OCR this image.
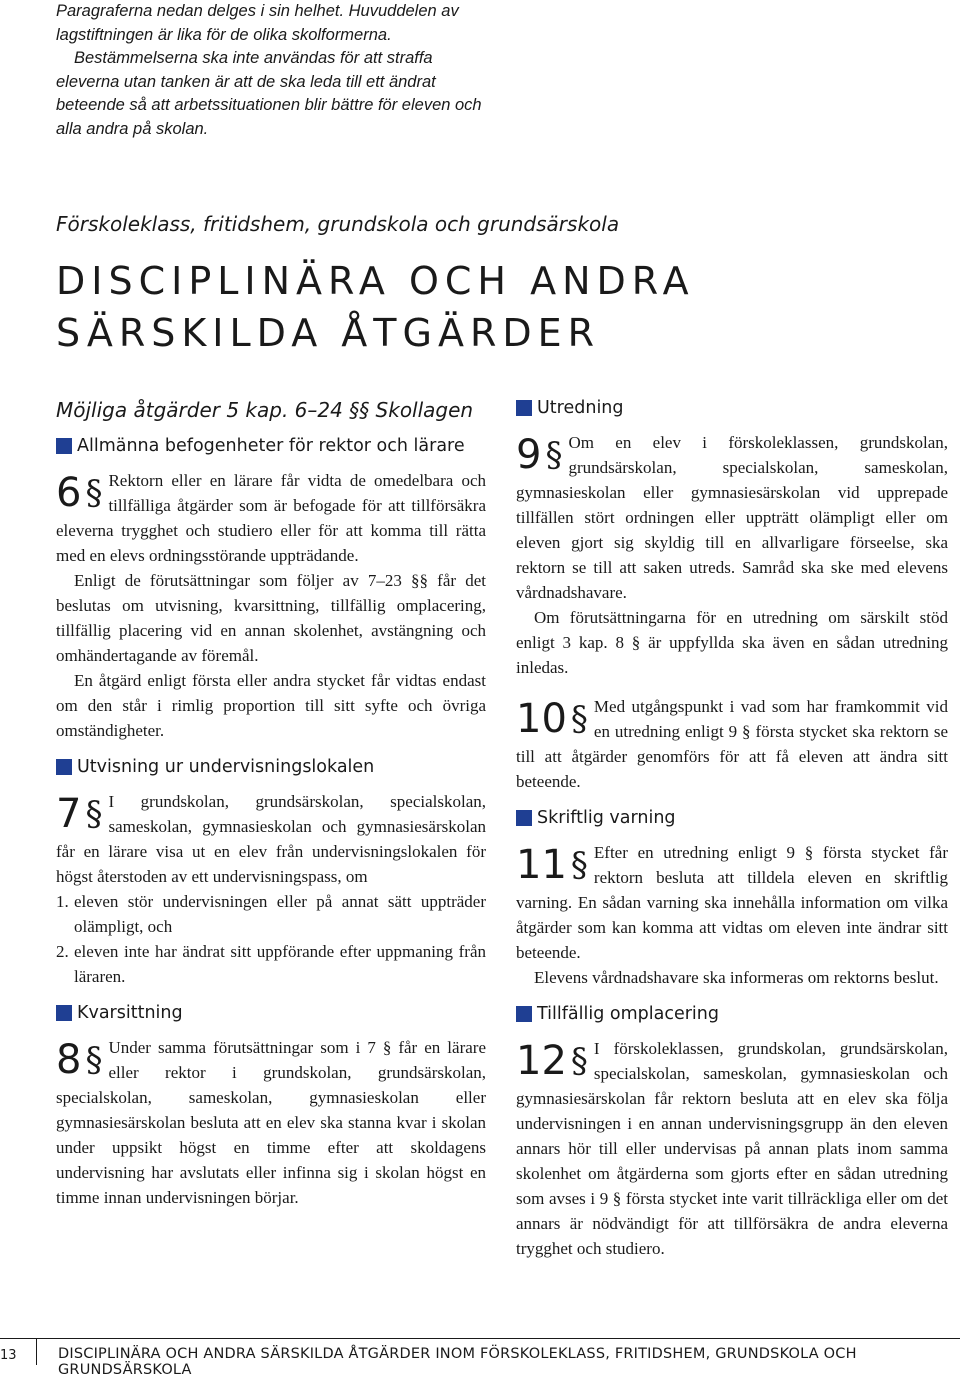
Paragraferna nedan delges i sin helhet. Huvuddelen av lagstiftningen är lika för de olika skolformerna.

Bestämmelserna ska inte användas för att straffa eleverna utan tanken är att de ska leda till ett ändrat beteende så att arbetssituationen blir bättre för eleven och alla andra på skolan.

Förskoleklass, fritidshem, grundskola och grundsärskola
DISCIPLINÄRA OCH ANDRA SÄRSKILDA ÅTGÄRDER
Möjliga åtgärder 5 kap. 6–24 §§ Skollagen
Allmänna befogenheter för rektor och lärare
6 § Rektorn eller en lärare får vidta de omedelbara och tillfälliga åtgärder som är befogade för att tillförsäkra eleverna trygghet och studiero eller för att komma till rätta med en elevs ordningsstörande uppträdande.

Enligt de förutsättningar som följer av 7–23 §§ får det beslutas om utvisning, kvarsittning, tillfällig omplacering, tillfällig placering vid en annan skolenhet, avstängning och omhändertagande av föremål.

En åtgärd enligt första eller andra stycket får vidtas endast om den står i rimlig proportion till sitt syfte och övriga omständigheter.

Utvisning ur undervisningslokalen
7 § I grundskolan, grundsärskolan, specialskolan, sameskolan, gymnasieskolan och gymnasiesärskolan får en lärare visa ut en elev från undervisningslokalen för högst återstoden av ett undervisningspass, om

1. eleven stör undervisningen eller på annat sätt uppträder olämpligt, och
2. eleven inte har ändrat sitt uppförande efter uppmaning från läraren.
Kvarsittning
8 § Under samma förutsättningar som i 7 § får en lärare eller rektor i grundskolan, grundsärskolan, specialskolan, sameskolan, gymnasieskolan eller gymnasiesärskolan besluta att en elev ska stanna kvar i skolan under uppsikt högst en timme efter att skoldagens undervisning har avslutats eller infinna sig i skolan högst en timme innan undervisningen börjar.

Utredning
9 § Om en elev i förskoleklassen, grundskolan, grundsärskolan, specialskolan, sameskolan, gymnasieskolan eller gymnasiesärskolan vid upprepade tillfällen stört ordningen eller uppträtt olämpligt eller om eleven gjort sig skyldig till en allvarligare förseelse, ska rektorn se till att saken utreds. Samråd ska ske med elevens vårdnadshavare.

Om förutsättningarna för en utredning om särskilt stöd enligt 3 kap. 8 § är uppfyllda ska även en sådan utredning inledas.

10 § Med utgångspunkt i vad som har framkommit vid en utredning enligt 9 § första stycket ska rektorn se till att åtgärder genomförs för att få eleven att ändra sitt beteende.

Skriftlig varning
11 § Efter en utredning enligt 9 § första stycket får rektorn besluta att tilldela eleven en skriftlig varning. En sådan varning ska innehålla information om vilka åtgärder som kan komma att vidtas om eleven inte ändrar sitt beteende.

Elevens vårdnadshavare ska informeras om rektorns beslut.

Tillfällig omplacering
12 § I förskoleklassen, grundskolan, grundsärskolan, specialskolan, sameskolan, gymnasieskolan och gymnasiesärskolan får rektorn besluta att en elev ska följa undervisningen i en annan undervisningsgrupp än den eleven annars hör till eller undervisas på annan plats inom samma skolenhet om åtgärderna som gjorts efter en sådan utredning som avses i 9 § första stycket inte varit tillräckliga eller om det annars är nödvändigt för att tillförsäkra de andra eleverna trygghet och studiero.

13	DISCIPLINÄRA OCH ANDRA SÄRSKILDA ÅTGÄRDER INOM FÖRSKOLEKLASS, FRITIDSHEM, GRUNDSKOLA OCH GRUNDSÄRSKOLA
